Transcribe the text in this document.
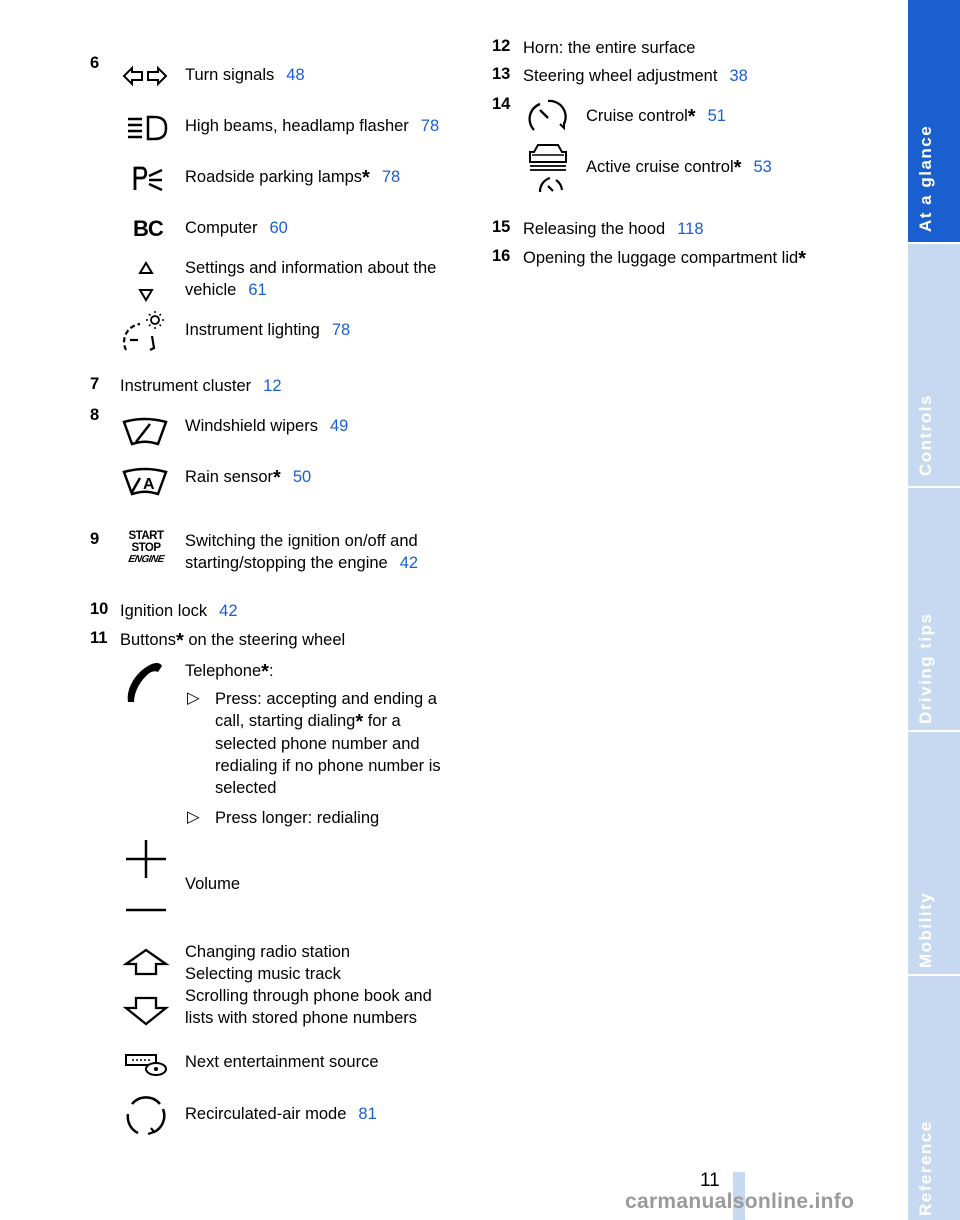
6
Turn signals 48
High beams, headlamp flasher 78
Roadside parking lamps* 78
BC Computer 60
Settings and information about the
vehicle 61
Instrument lighting 78
7 Instrument cluster 12
8
Windshield wipers 49
A Rain sensor* 50
9	START
STOP
ENGINE
Switching the ignition on/off and
starting/stopping the engine 42
10 Ignition lock 42
11 Buttons* on the steering wheel
Telephone*:
▷ Press: accepting and ending a
call, starting dialing* for a
selected phone number and
redialing if no phone number is
selected
▷ Press longer: redialing
Volume
Changing radio station
Selecting music track
Scrolling through phone book and
lists with stored phone numbers
Next entertainment source
Recirculated-air mode 81
12 Horn: the entire surface
13 Steering wheel adjustment 38
14
Cruise control* 51
Active cruise control* 53
15 Releasing the hood 118
16 Opening the luggage compartment lid*
11
At a glance
Controls
Driving tips
Mobility
Reference
carmanualsonline.info
